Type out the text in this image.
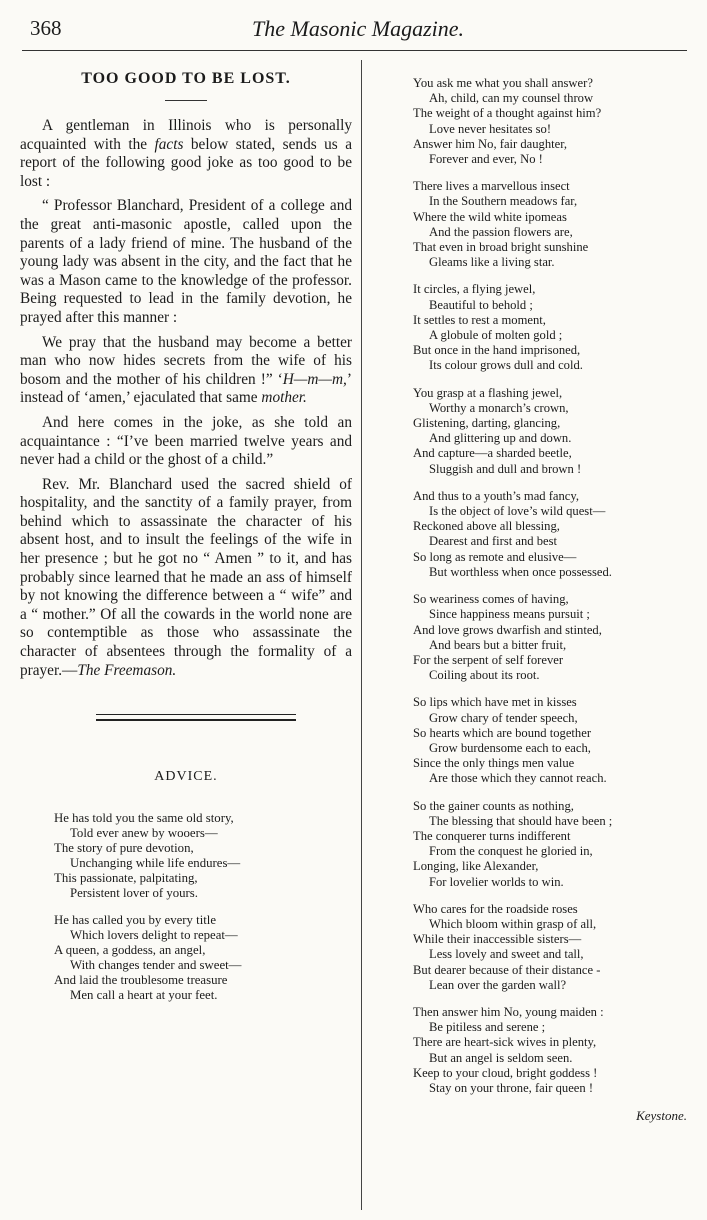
368	The Masonic Magazine.
TOO GOOD TO BE LOST.

A gentleman in Illinois who is personally acquainted with the facts below stated, sends us a report of the following good joke as too good to be lost :

“ Professor Blanchard, President of a college and the great anti-masonic apostle, called upon the parents of a lady friend of mine. The husband of the young lady was absent in the city, and the fact that he was a Mason came to the knowledge of the professor. Being requested to lead in the family devotion, he prayed after this manner :

We pray that the husband may become a better man who now hides secrets from the wife of his bosom and the mother of his children !” ‘H—m—m,’ instead of ‘amen,’ ejaculated that same mother.

And here comes in the joke, as she told an acquaintance : “I’ve been married twelve years and never had a child or the ghost of a child.”

Rev. Mr. Blanchard used the sacred shield of hospitality, and the sanctity of a family prayer, from behind which to assassinate the character of his absent host, and to insult the feelings of the wife in her presence ; but he got no “ Amen ” to it, and has probably since learned that he made an ass of himself by not knowing the difference between a “ wife” and a “ mother.” Of all the cowards in the world none are so contemptible as those who assassinate the character of absentees through the formality of a prayer.—The Freemason.

ADVICE.
He has told you the same old story,
Told ever anew by wooers—
The story of pure devotion,
Unchanging while life endures—
This passionate, palpitating,
Persistent lover of yours.
He has called you by every title
Which lovers delight to repeat—
A queen, a goddess, an angel,
With changes tender and sweet—
And laid the troublesome treasure
Men call a heart at your feet.
You ask me what you shall answer?
Ah, child, can my counsel throw
The weight of a thought against him?
Love never hesitates so!
Answer him No, fair daughter,
Forever and ever, No !
There lives a marvellous insect
In the Southern meadows far,
Where the wild white ipomeas
And the passion flowers are,
That even in broad bright sunshine
Gleams like a living star.
It circles, a flying jewel,
Beautiful to behold ;
It settles to rest a moment,
A globule of molten gold ;
But once in the hand imprisoned,
Its colour grows dull and cold.
You grasp at a flashing jewel,
Worthy a monarch’s crown,
Glistening, darting, glancing,
And glittering up and down.
And capture—a sharded beetle,
Sluggish and dull and brown !
And thus to a youth’s mad fancy,
Is the object of love’s wild quest—
Reckoned above all blessing,
Dearest and first and best
So long as remote and elusive—
But worthless when once possessed.
So weariness comes of having,
Since happiness means pursuit ;
And love grows dwarfish and stinted,
And bears but a bitter fruit,
For the serpent of self forever
Coiling about its root.
So lips which have met in kisses
Grow chary of tender speech,
So hearts which are bound together
Grow burdensome each to each,
Since the only things men value
Are those which they cannot reach.
So the gainer counts as nothing,
The blessing that should have been ;
The conquerer turns indifferent
From the conquest he gloried in,
Longing, like Alexander,
For lovelier worlds to win.
Who cares for the roadside roses
Which bloom within grasp of all,
While their inaccessible sisters—
Less lovely and sweet and tall,
But dearer because of their distance -
Lean over the garden wall?
Then answer him No, young maiden :
Be pitiless and serene ;
There are heart-sick wives in plenty,
But an angel is seldom seen.
Keep to your cloud, bright goddess !
Stay on your throne, fair queen !
Keystone.
